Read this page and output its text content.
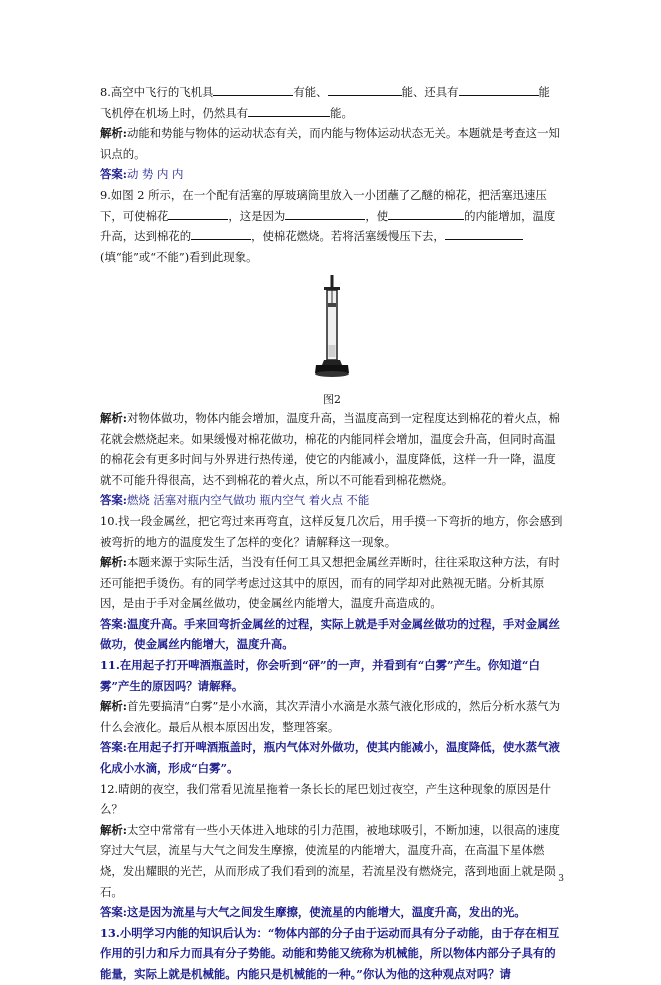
8.高空中飞行的飞机具	有能、	能、还具有	能
飞机停在机场上时，仍然具有	能。

解析:动能和势能与物体的运动状态有关，而内能与物体运动状态无关。本题就是考查这一知识点的。

答案:动 势 内 内

9.如图 2 所示，在一个配有活塞的厚玻璃筒里放入一小团蘸了乙醚的棉花，把活塞迅速压下，可使棉花	，这是因为	，使	的内能增加，温度升高，达到棉花的	，使棉花燃烧。若将活塞缓慢压下去，
(填“能”或“不能”)看到此现象。

图2

解析:对物体做功，物体内能会增加，温度升高，当温度高到一定程度达到棉花的着火点，棉花就会燃烧起来。如果缓慢对棉花做功，棉花的内能同样会增加，温度会升高，但同时高温的棉花会有更多时间与外界进行热传递，使它的内能减小，温度降低，这样一升一降，温度就不可能升得很高，达不到棉花的着火点，所以不可能看到棉花燃烧。

答案:燃烧 活塞对瓶内空气做功 瓶内空气 着火点 不能

10.找一段金属丝，把它弯过来再弯直，这样反复几次后，用手摸一下弯折的地方，你会感到被弯折的地方的温度发生了怎样的变化？请解释这一现象。

解析:本题来源于实际生活，当没有任何工具又想把金属丝弄断时，往往采取这种方法，有时还可能把手烫伤。有的同学考虑过这其中的原因，而有的同学却对此熟视无睹。分析其原因，是由于手对金属丝做功，使金属丝内能增大，温度升高造成的。

答案:温度升高。手来回弯折金属丝的过程，实际上就是手对金属丝做功的过程，手对金属丝做功，使金属丝内能增大，温度升高。

11.在用起子打开啤酒瓶盖时，你会听到“砰”的一声，并看到有“白雾”产生。你知道“白雾”产生的原因吗？请解释。

解析:首先要搞清“白雾”是小水滴，其次弄清小水滴是水蒸气液化形成的，然后分析水蒸气为什么会液化。最后从根本原因出发，整理答案。

答案:在用起子打开啤酒瓶盖时，瓶内气体对外做功，使其内能减小，温度降低，使水蒸气液化成小水滴，形成“白雾”。

12.晴朗的夜空，我们常看见流星拖着一条长长的尾巴划过夜空，产生这种现象的原因是什么？

解析:太空中常常有一些小天体进入地球的引力范围，被地球吸引，不断加速，以很高的速度穿过大气层，流星与大气之间发生摩擦，使流星的内能增大，温度升高，在高温下星体燃烧，发出耀眼的光芒，从而形成了我们看到的流星，若流星没有燃烧完，落到地面上就是陨石。

答案:这是因为流星与大气之间发生摩擦，使流星的内能增大，温度升高，发出的光。

13.小明学习内能的知识后认为：“物体内部的分子由于运动而具有分子动能，由于存在相互作用的引力和斥力而具有分子势能。动能和势能又统称为机械能，所以物体内部分子具有的能量，实际上就是机械能。内能只是机械能的一种。”你认为他的这种观点对吗？请

3
